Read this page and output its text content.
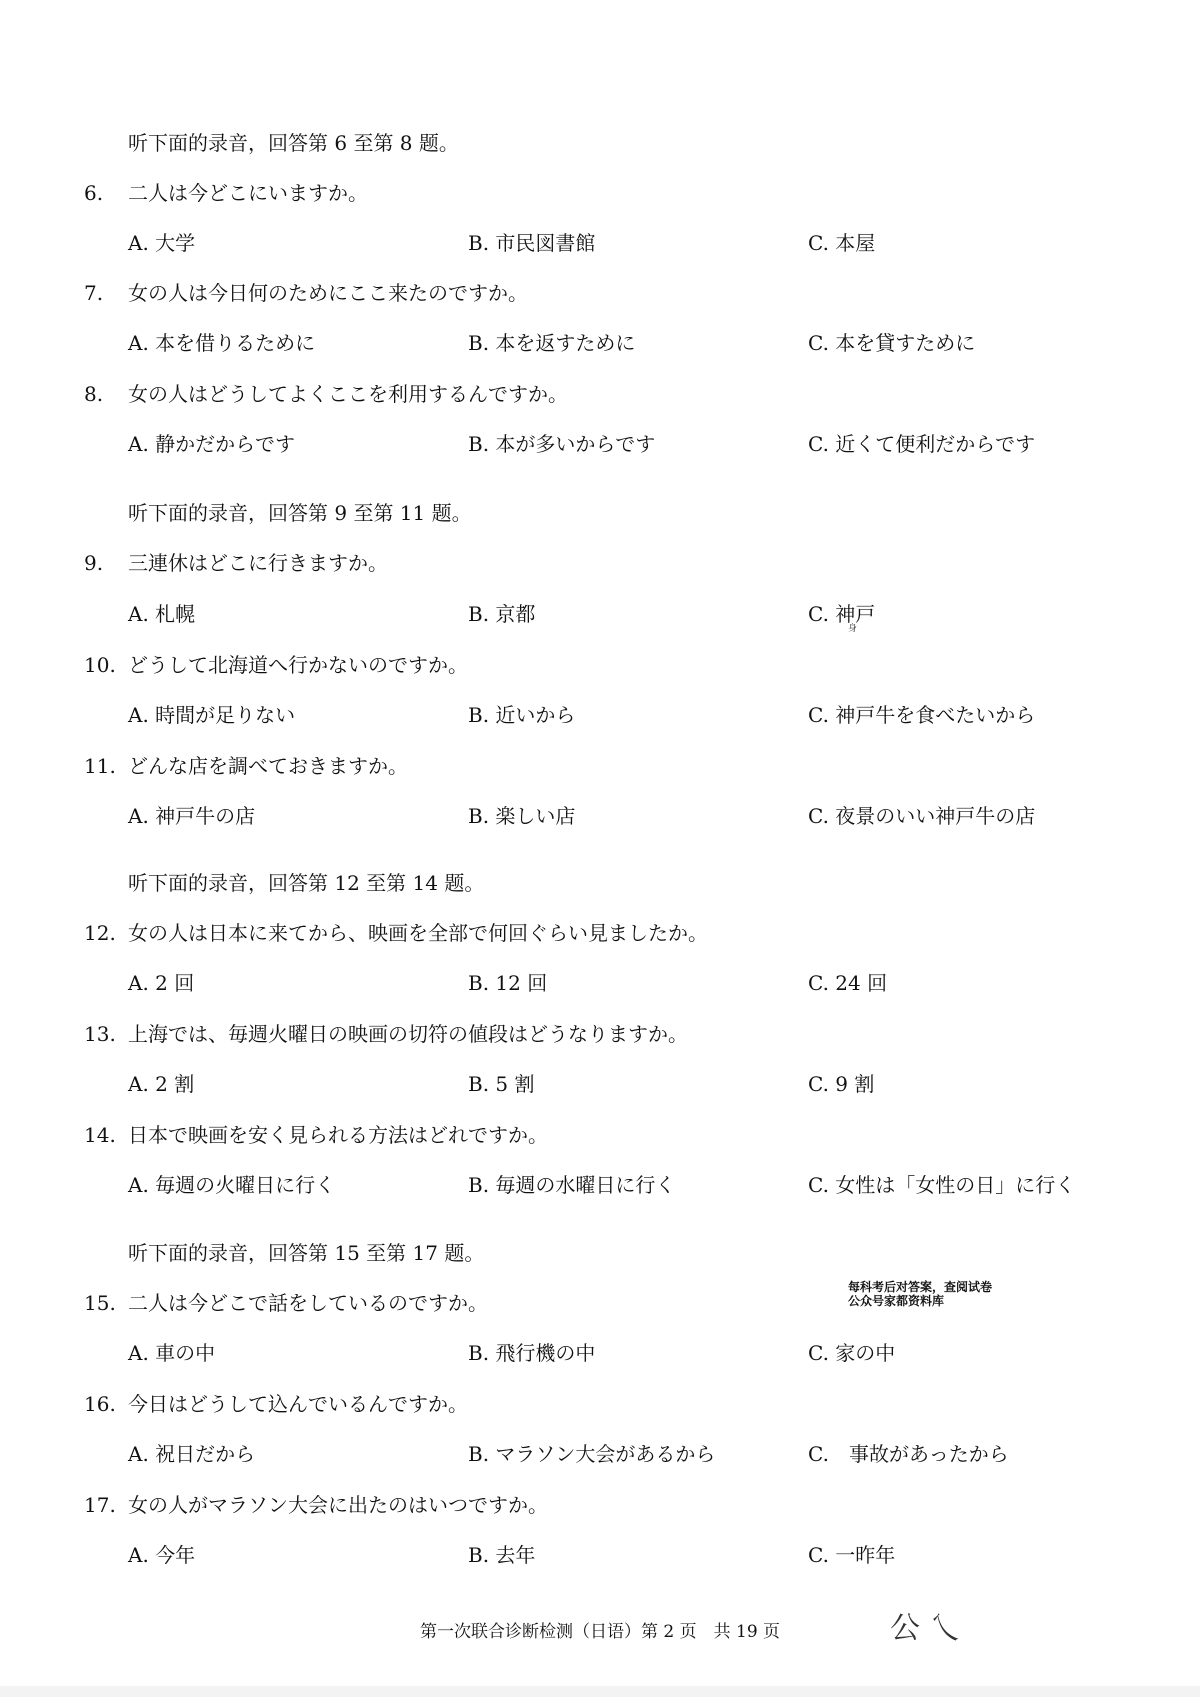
听下面的录音，回答第 6 至第 8 题。
6. 二人は今どこにいますか。
A. 大学	B. 市民図書館	C. 本屋
7. 女の人は今日何のためにここ来たのですか。
A. 本を借りるために	B. 本を返すために	C. 本を貸すために
8. 女の人はどうしてよくここを利用するんですか。
A. 静かだからです	B. 本が多いからです	C. 近くて便利だからです
听下面的录音，回答第 9 至第 11 题。
9. 三連休はどこに行きますか。
A. 札幌	B. 京都	C. 神戸
身
10. どうして北海道へ行かないのですか。
A. 時間が足りない	B. 近いから	C. 神戸牛を食べたいから
11. どんな店を調べておきますか。
A. 神戸牛の店	B. 楽しい店	C. 夜景のいい神戸牛の店
听下面的录音，回答第 12 至第 14 题。
12. 女の人は日本に来てから、映画を全部で何回ぐらい見ましたか。
A. 2 回	B. 12 回	C. 24 回
13. 上海では、毎週火曜日の映画の切符の値段はどうなりますか。
A. 2 割	B. 5 割	C. 9 割
14. 日本で映画を安く見られる方法はどれですか。
A. 毎週の火曜日に行く	B. 毎週の水曜日に行く	C. 女性は「女性の日」に行く
听下面的录音，回答第 15 至第 17 题。
每科考后对答案，查阅试卷
公众号家都资料库
15. 二人は今どこで話をしているのですか。
A. 車の中	B. 飛行機の中	C. 家の中
16. 今日はどうして込んでいるんですか。
A. 祝日だから	B. マラソン大会があるから	C.　事故があったから
17. 女の人がマラソン大会に出たのはいつですか。
A. 今年	B. 去年	C. 一昨年
第一次联合诊断检测（日语）第 2 页　共 19 页	公 乀
